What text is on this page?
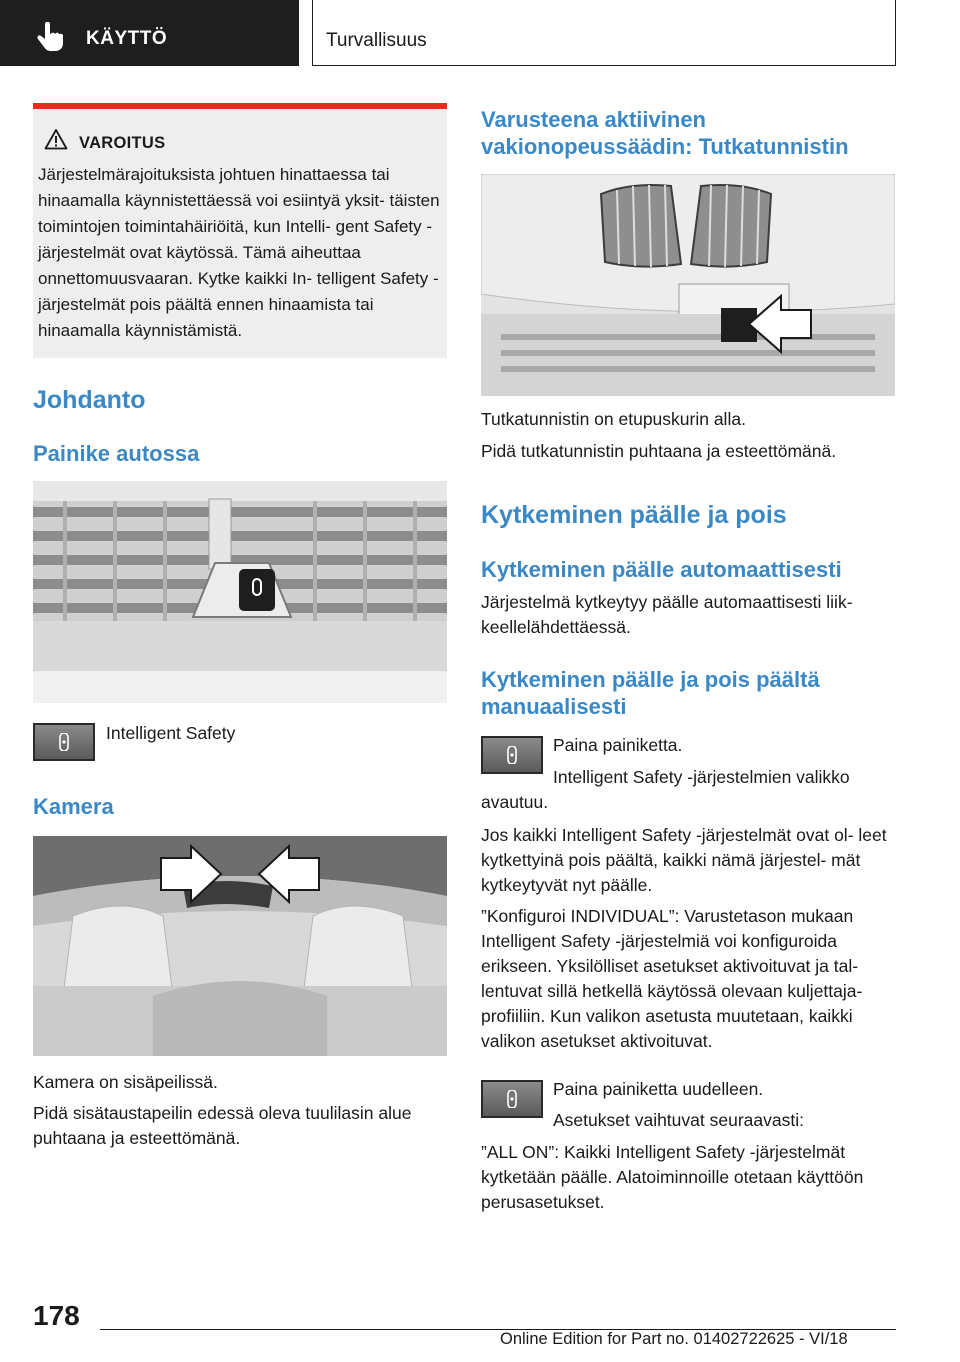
KÄYTTÖ	Turvallisuus
VAROITUS
Järjestelmärajoituksista johtuen hinattaessa tai hinaamalla käynnistettäessä voi esiintyä yksit- täisten toimintojen toimintahäiriöitä, kun Intelli- gent Safety -järjestelmät ovat käytössä. Tämä aiheuttaa onnettomuusvaaran. Kytke kaikki In- telligent Safety -järjestelmät pois päältä ennen hinaamista tai hinaamalla käynnistämistä.
Johdanto
Painike autossa
Intelligent Safety
Kamera
Kamera on sisäpeilissä.
Pidä sisätaustapeilin edessä oleva tuulilasin alue puhtaana ja esteettömänä.
Varusteena aktiivinen vakionopeussäädin: Tutkatunnistin
Tutkatunnistin on etupuskurin alla.
Pidä tutkatunnistin puhtaana ja esteettömänä.
Kytkeminen päälle ja pois
Kytkeminen päälle automaattisesti
Järjestelmä kytkeytyy päälle automaattisesti liik- keellelähdettäessä.
Kytkeminen päälle ja pois päältä manuaalisesti
Paina painiketta.
Intelligent Safety -järjestelmien valikko avautuu.
Jos kaikki Intelligent Safety -järjestelmät ovat ol- leet kytkettyinä pois päältä, kaikki nämä järjestel- mät kytkeytyvät nyt päälle.
”Konfiguroi INDIVIDUAL”: Varustetason mukaan Intelligent Safety -järjestelmiä voi konfiguroida erikseen. Yksilölliset asetukset aktivoituvat ja tal- lentuvat sillä hetkellä käytössä olevaan kuljettaja- profiiliin. Kun valikon asetusta muutetaan, kaikki valikon asetukset aktivoituvat.
Paina painiketta uudelleen.
Asetukset vaihtuvat seuraavasti:
”ALL ON”: Kaikki Intelligent Safety -järjestelmät kytketään päälle. Alatoiminnoille otetaan käyttöön perusasetukset.
178
Online Edition for Part no. 01402722625 - VI/18
